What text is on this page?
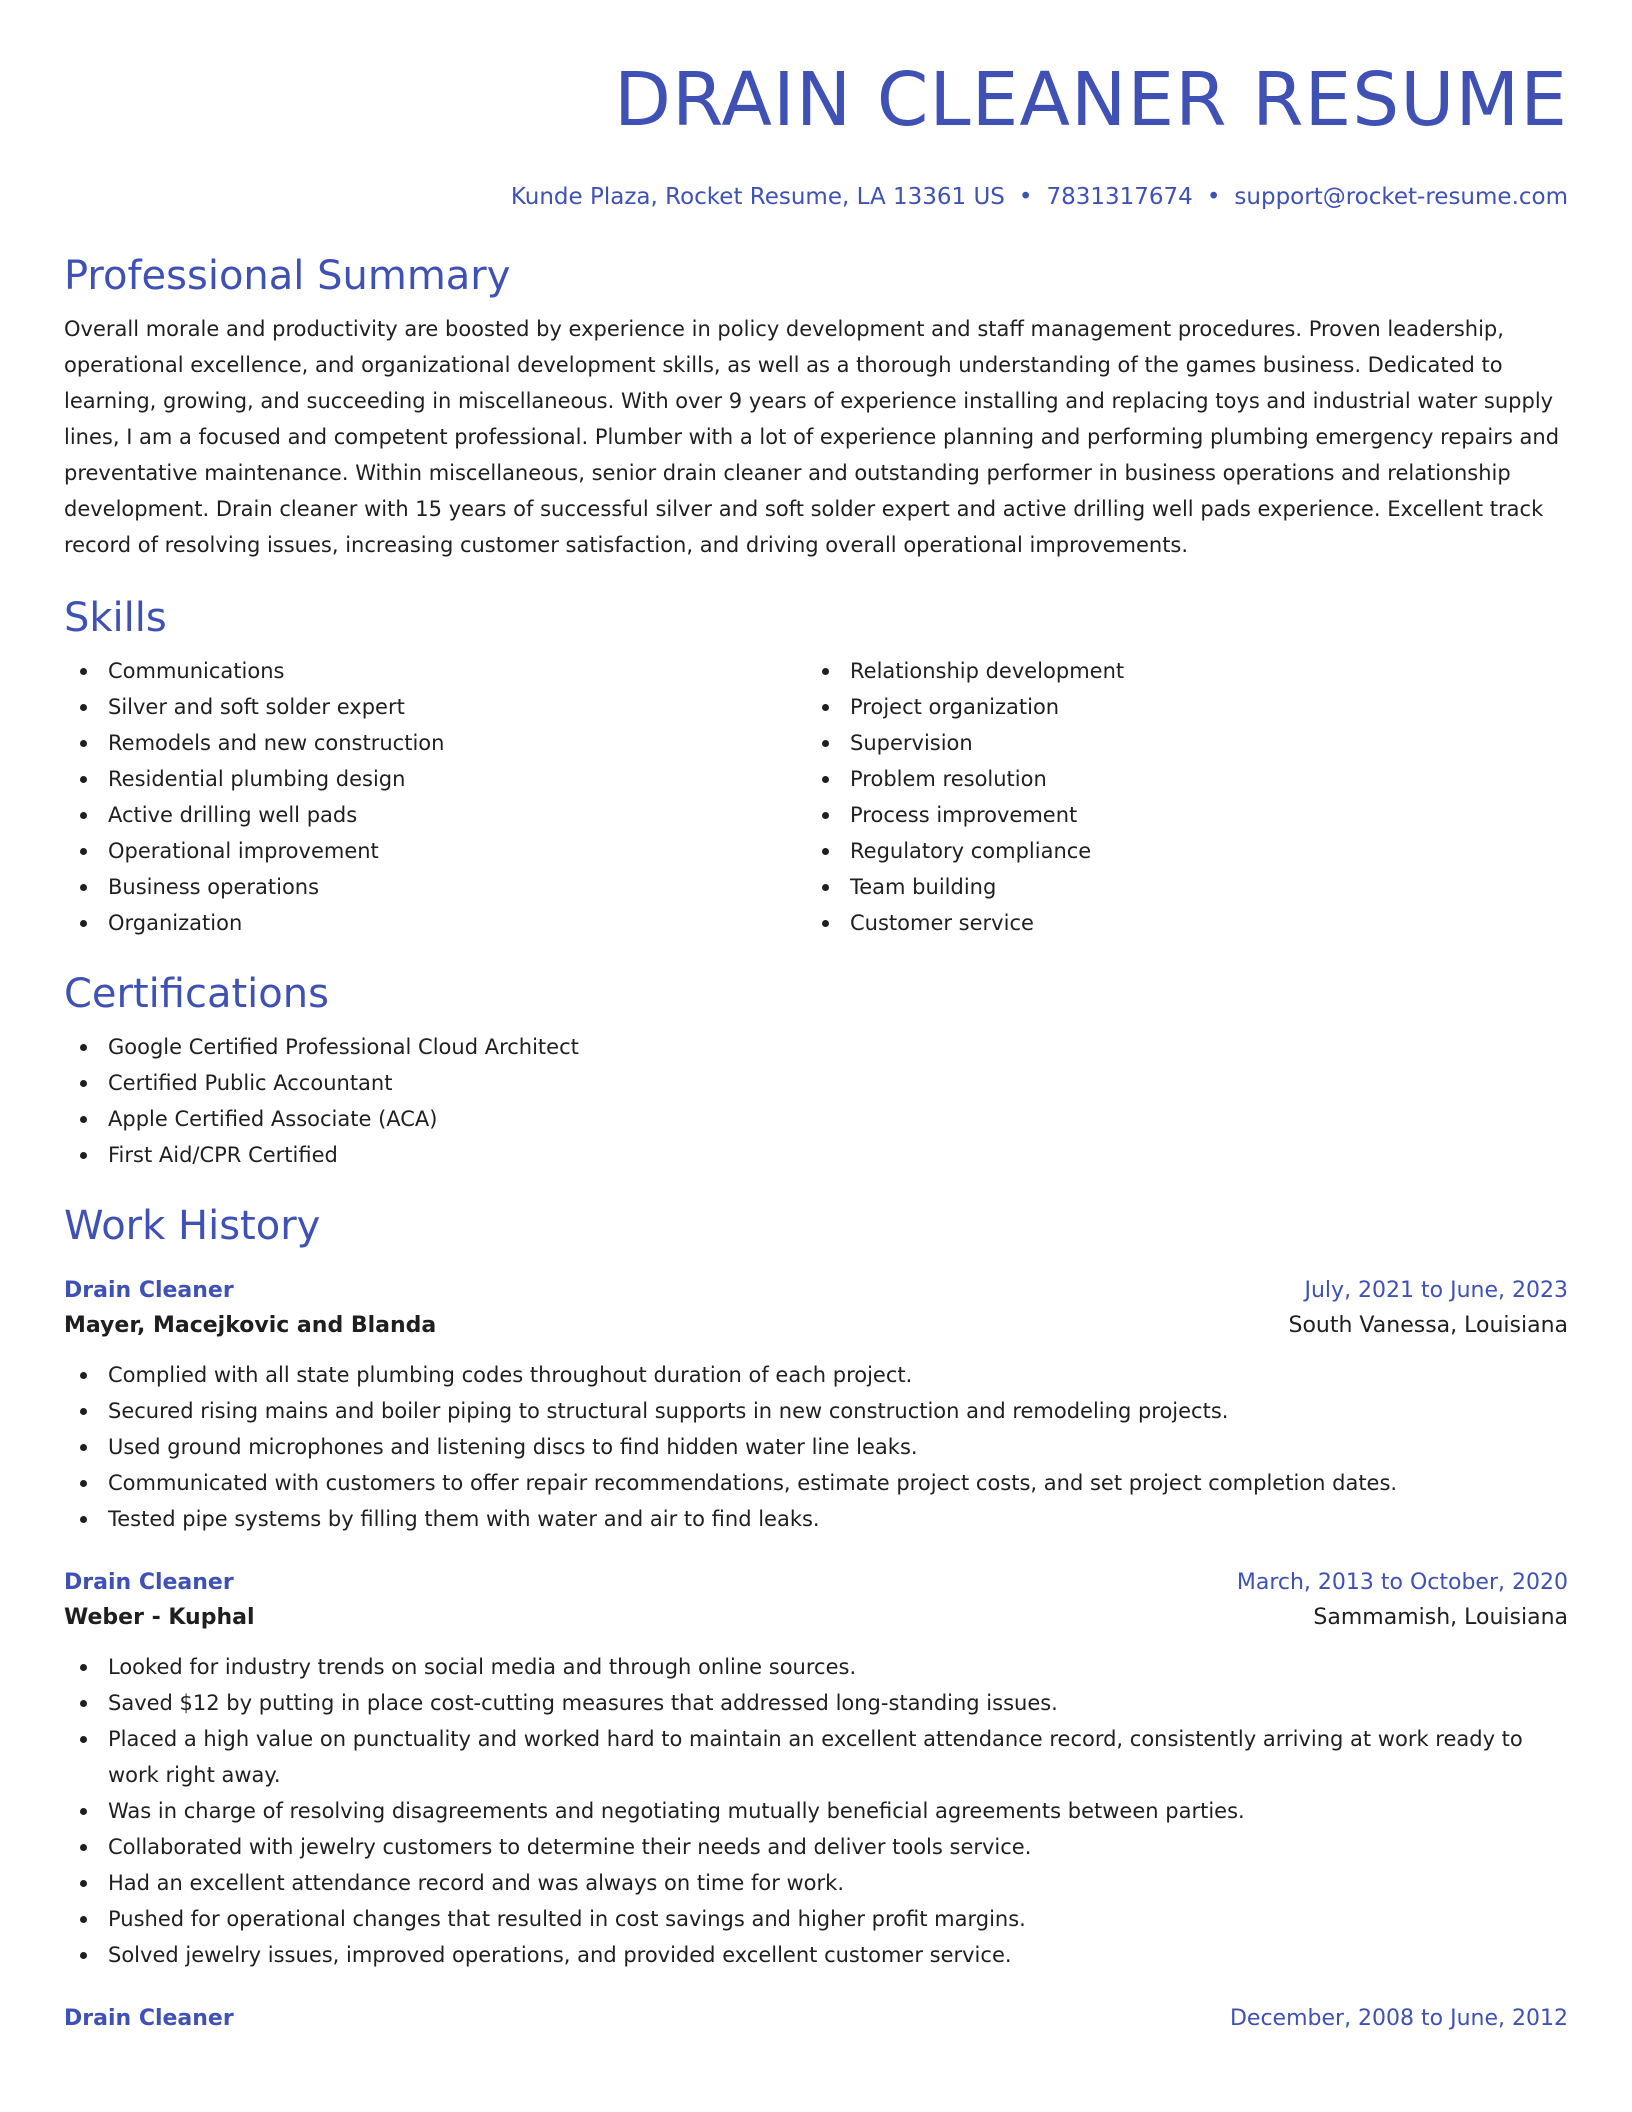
DRAIN CLEANER RESUME
Kunde Plaza, Rocket Resume, LA 13361 US • 7831317674 • support@rocket-resume.com
Professional Summary

Overall morale and productivity are boosted by experience in policy development and staff management procedures. Proven leadership, operational excellence, and organizational development skills, as well as a thorough understanding of the games business. Dedicated to learning, growing, and succeeding in miscellaneous. With over 9 years of experience installing and replacing toys and industrial water supply lines, I am a focused and competent professional. Plumber with a lot of experience planning and performing plumbing emergency repairs and preventative maintenance. Within miscellaneous, senior drain cleaner and outstanding performer in business operations and relationship development. Drain cleaner with 15 years of successful silver and soft solder expert and active drilling well pads experience. Excellent track record of resolving issues, increasing customer satisfaction, and driving overall operational improvements.

Skills
Communications
Silver and soft solder expert
Remodels and new construction
Residential plumbing design
Active drilling well pads
Operational improvement
Business operations
Organization
Relationship development
Project organization
Supervision
Problem resolution
Process improvement
Regulatory compliance
Team building
Customer service
Certifications
Google Certified Professional Cloud Architect
Certified Public Accountant
Apple Certified Associate (ACA)
First Aid/CPR Certified
Work History
Drain Cleaner	July, 2021 to June, 2023
Mayer, Macejkovic and Blanda	South Vanessa, Louisiana
Complied with all state plumbing codes throughout duration of each project.
Secured rising mains and boiler piping to structural supports in new construction and remodeling projects.
Used ground microphones and listening discs to find hidden water line leaks.
Communicated with customers to offer repair recommendations, estimate project costs, and set project completion dates.
Tested pipe systems by filling them with water and air to find leaks.
Drain Cleaner	March, 2013 to October, 2020
Weber - Kuphal	Sammamish, Louisiana
Looked for industry trends on social media and through online sources.
Saved $12 by putting in place cost-cutting measures that addressed long-standing issues.
Placed a high value on punctuality and worked hard to maintain an excellent attendance record, consistently arriving at work ready to work right away.
Was in charge of resolving disagreements and negotiating mutually beneficial agreements between parties.
Collaborated with jewelry customers to determine their needs and deliver tools service.
Had an excellent attendance record and was always on time for work.
Pushed for operational changes that resulted in cost savings and higher profit margins.
Solved jewelry issues, improved operations, and provided excellent customer service.
Drain Cleaner	December, 2008 to June, 2012
